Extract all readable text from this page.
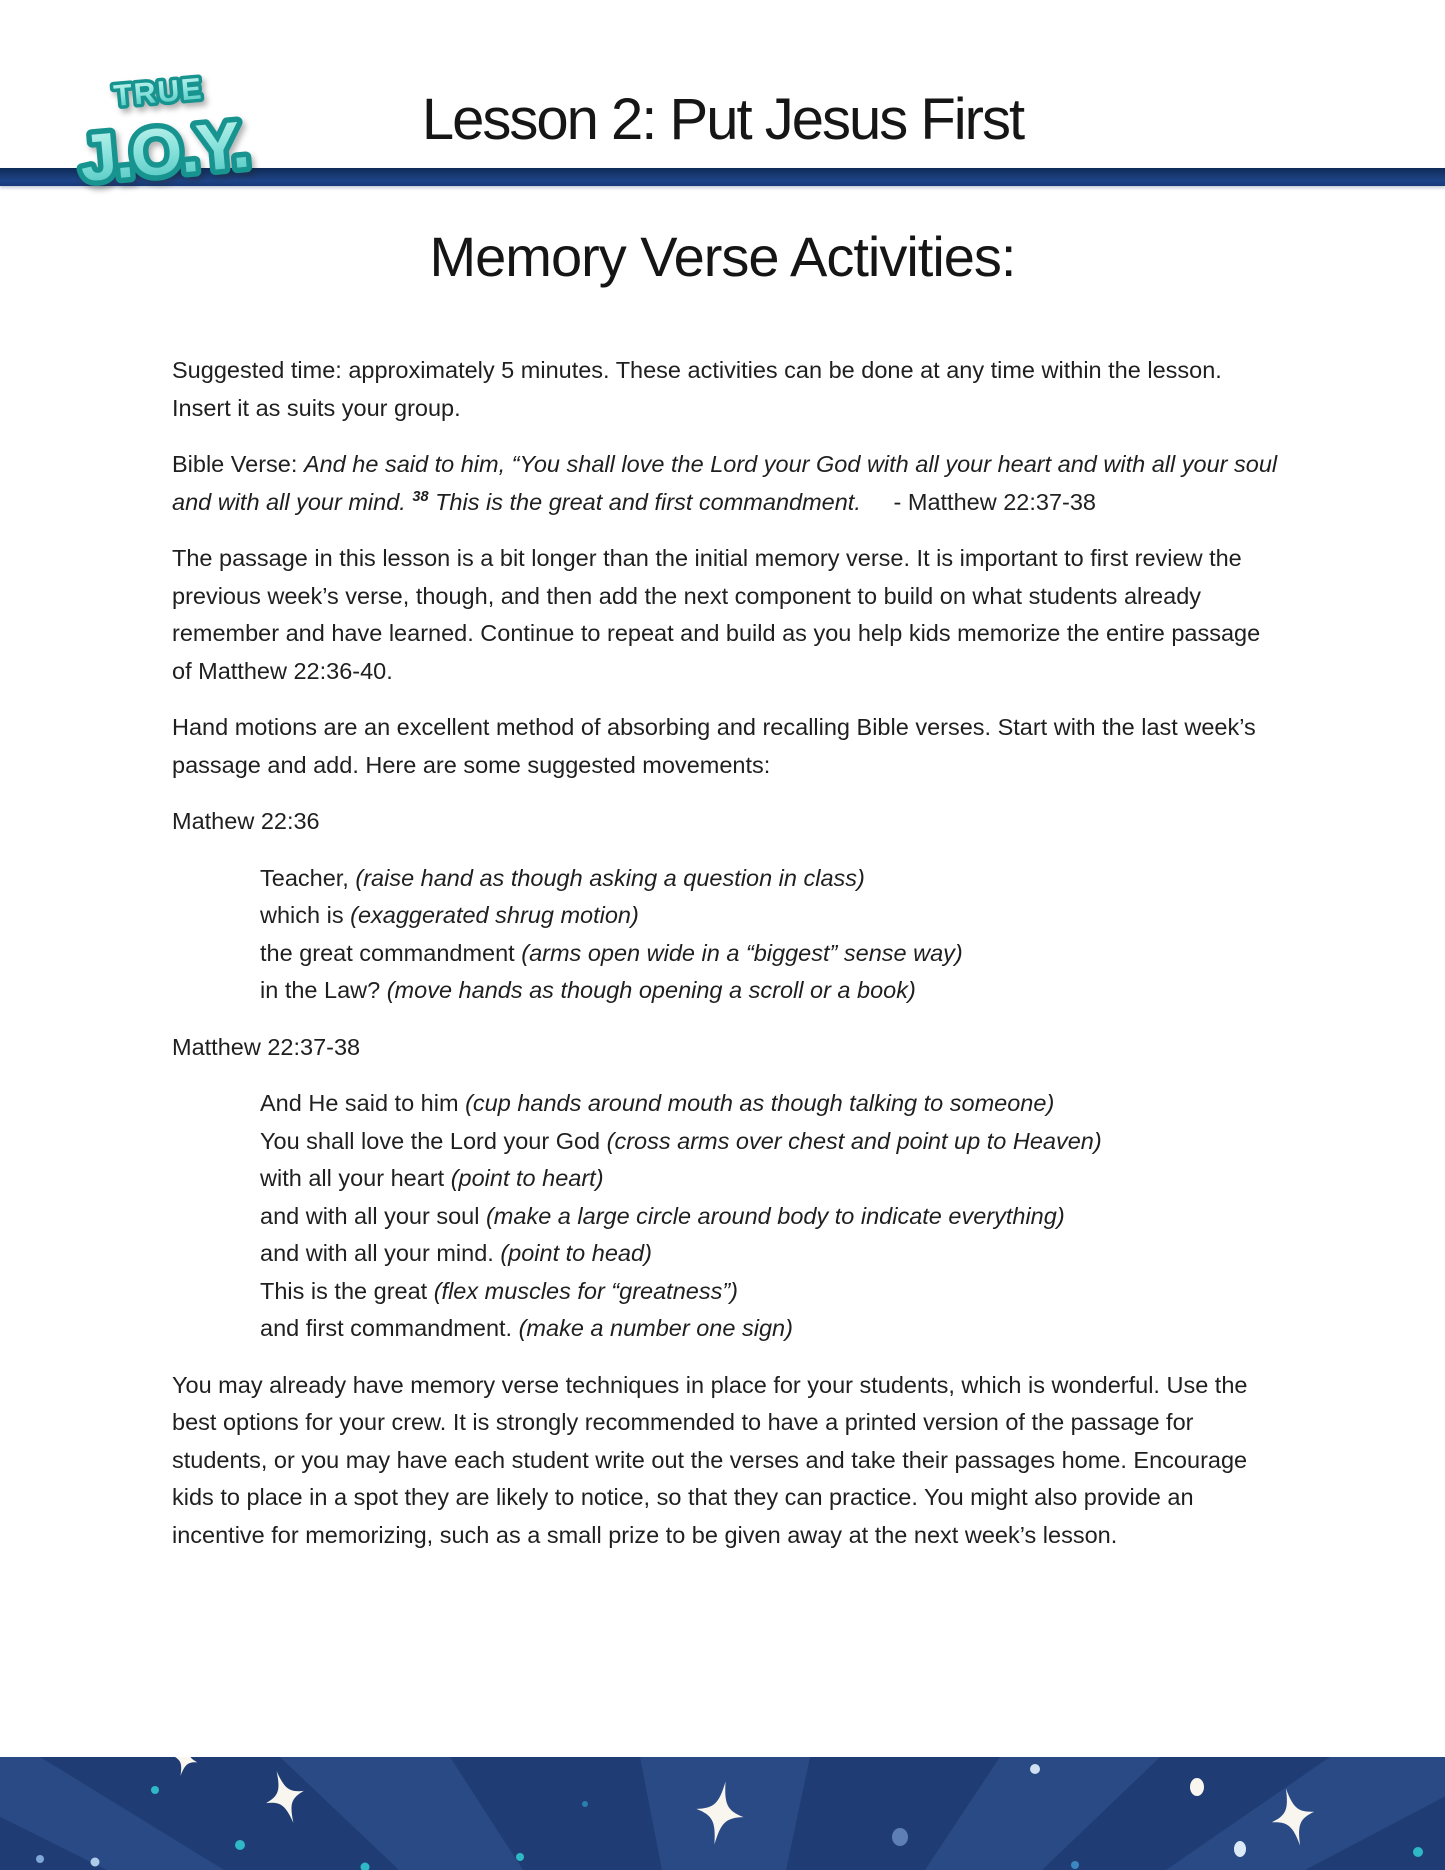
Lesson 2: Put Jesus First
TRUE
J.O.Y.
Memory Verse Activities:

Suggested time: approximately 5 minutes. These activities can be done at any time within the lesson. Insert it as suits your group.

Bible Verse: And he said to him, “You shall love the Lord your God with all your heart and with all your soul and with all your mind. $^{38}$ This is the great and first commandment.     - Matthew 22:37-38

The passage in this lesson is a bit longer than the initial memory verse. It is important to first review the previous week’s verse, though, and then add the next component to build on what students already remember and have learned. Continue to repeat and build as you help kids memorize the entire passage of Matthew 22:36-40.

Hand motions are an excellent method of absorbing and recalling Bible verses. Start with the last week’s passage and add. Here are some suggested movements:

Mathew 22:36

Teacher, (raise hand as though asking a question in class)
which is (exaggerated shrug motion)
the great commandment (arms open wide in a “biggest” sense way)
in the Law? (move hands as though opening a scroll or a book)

Matthew 22:37-38

And He said to him (cup hands around mouth as though talking to someone)
You shall love the Lord your God (cross arms over chest and point up to Heaven)
with all your heart (point to heart)
and with all your soul (make a large circle around body to indicate everything)
and with all your mind. (point to head)
This is the great (flex muscles for “greatness”)
and first commandment. (make a number one sign)

You may already have memory verse techniques in place for your students, which is wonderful. Use the best options for your crew. It is strongly recommended to have a printed version of the passage for students, or you may have each student write out the verses and take their passages home. Encourage kids to place in a spot they are likely to notice, so that they can practice. You might also provide an incentive for memorizing, such as a small prize to be given away at the next week’s lesson.
